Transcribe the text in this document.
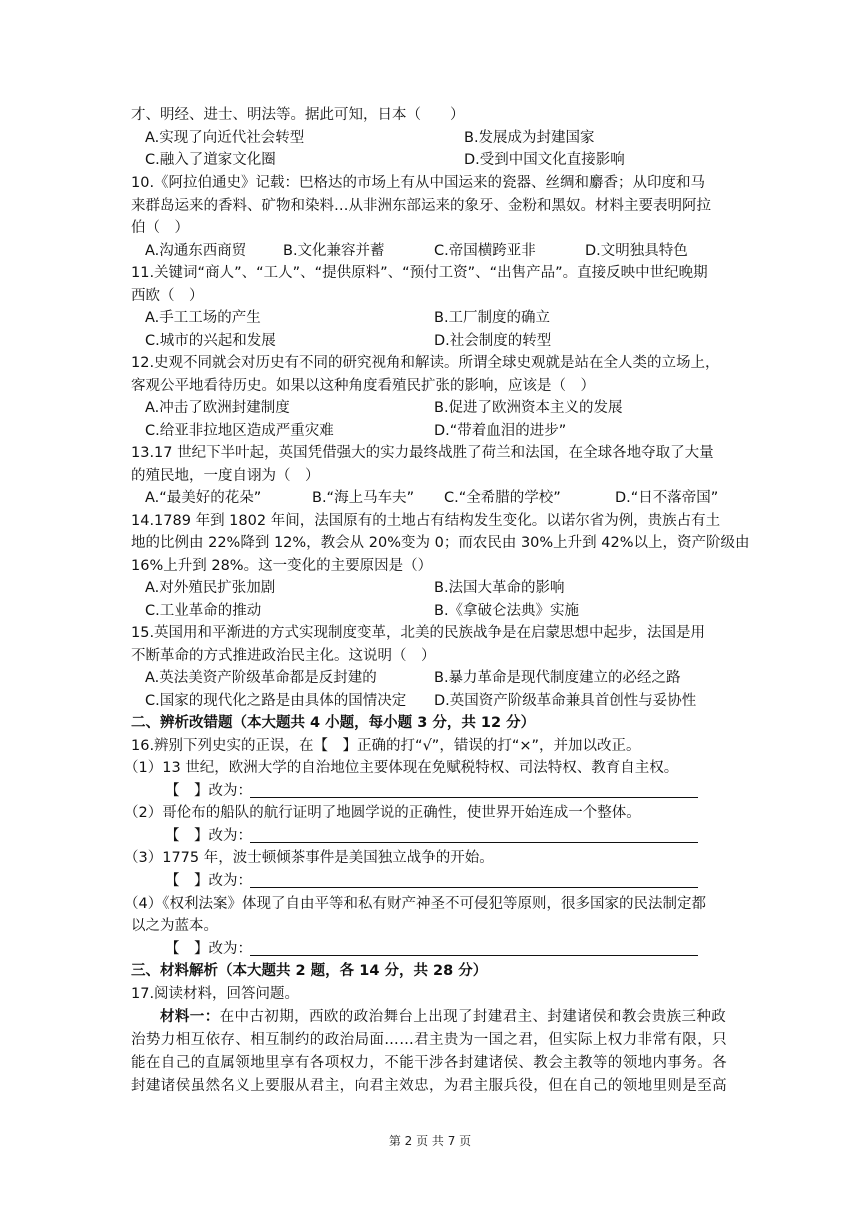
才、明经、进士、明法等。据此可知，日本（　　）
A.实现了向近代社会转型	B.发展成为封建国家
C.融入了道家文化圈	D.受到中国文化直接影响
10.《阿拉伯通史》记载：巴格达的市场上有从中国运来的瓷器、丝绸和麝香；从印度和马
来群岛运来的香料、矿物和染料…从非洲东部运来的象牙、金粉和黑奴。材料主要表明阿拉
伯（　）
A.沟通东西商贸	B.文化兼容并蓄	C.帝国横跨亚非	D.文明独具特色
11.关键词“商人”、“工人”、“提供原料”、“预付工资”、“出售产品”。直接反映中世纪晚期
西欧（　）
A.手工工场的产生	B.工厂制度的确立
C.城市的兴起和发展	D.社会制度的转型
12.史观不同就会对历史有不同的研究视角和解读。所谓全球史观就是站在全人类的立场上，
客观公平地看待历史。如果以这种角度看殖民扩张的影响，应该是（　）
A.冲击了欧洲封建制度	B.促进了欧洲资本主义的发展
C.给亚非拉地区造成严重灾难	D.“带着血泪的进步”
13.17 世纪下半叶起，英国凭借强大的实力最终战胜了荷兰和法国，在全球各地夺取了大量
的殖民地，一度自诩为（　）
A.“最美好的花朵”	B.“海上马车夫” C.“全希腊的学校”	D.“日不落帝国”
14.1789 年到 1802 年间，法国原有的土地占有结构发生变化。以诺尔省为例，贵族占有土
地的比例由 22%降到 12%，教会从 20%变为 0；而农民由 30%上升到 42%以上，资产阶级由
16%上升到 28%。这一变化的主要原因是（）
A.对外殖民扩张加剧	B.法国大革命的影响
C.工业革命的推动	B.《拿破仑法典》实施
15.英国用和平渐进的方式实现制度变革，北美的民族战争是在启蒙思想中起步，法国是用
不断革命的方式推进政治民主化。这说明（　）
A.英法美资产阶级革命都是反封建的	B.暴力革命是现代制度建立的必经之路
C.国家的现代化之路是由具体的国情决定 D.英国资产阶级革命兼具首创性与妥协性
二、辨析改错题（本大题共 4 小题，每小题 3 分，共 12 分）
16.辨别下列史实的正误，在【　】正确的打“√”，错误的打“×”，并加以改正。
（1）13 世纪，欧洲大学的自治地位主要体现在免赋税特权、司法特权、教育自主权。
【　】改为：
（2）哥伦布的船队的航行证明了地圆学说的正确性，使世界开始连成一个整体。
【　】改为：
（3）1775 年，波士顿倾茶事件是美国独立战争的开始。
【　】改为：
（4）《权利法案》体现了自由平等和私有财产神圣不可侵犯等原则，很多国家的民法制定都
以之为蓝本。
【　】改为：
三、材料解析（本大题共 2 题，各 14 分，共 28 分）
17.阅读材料，回答问题。
材料一：在中古初期，西欧的政治舞台上出现了封建君主、封建诸侯和教会贵族三种政
治势力相互依存、相互制约的政治局面……君主贵为一国之君，但实际上权力非常有限，只
能在自己的直属领地里享有各项权力，不能干涉各封建诸侯、教会主教等的领地内事务。各
封建诸侯虽然名义上要服从君主，向君主效忠，为君主服兵役，但在自己的领地里则是至高
第 2 页 共 7 页
